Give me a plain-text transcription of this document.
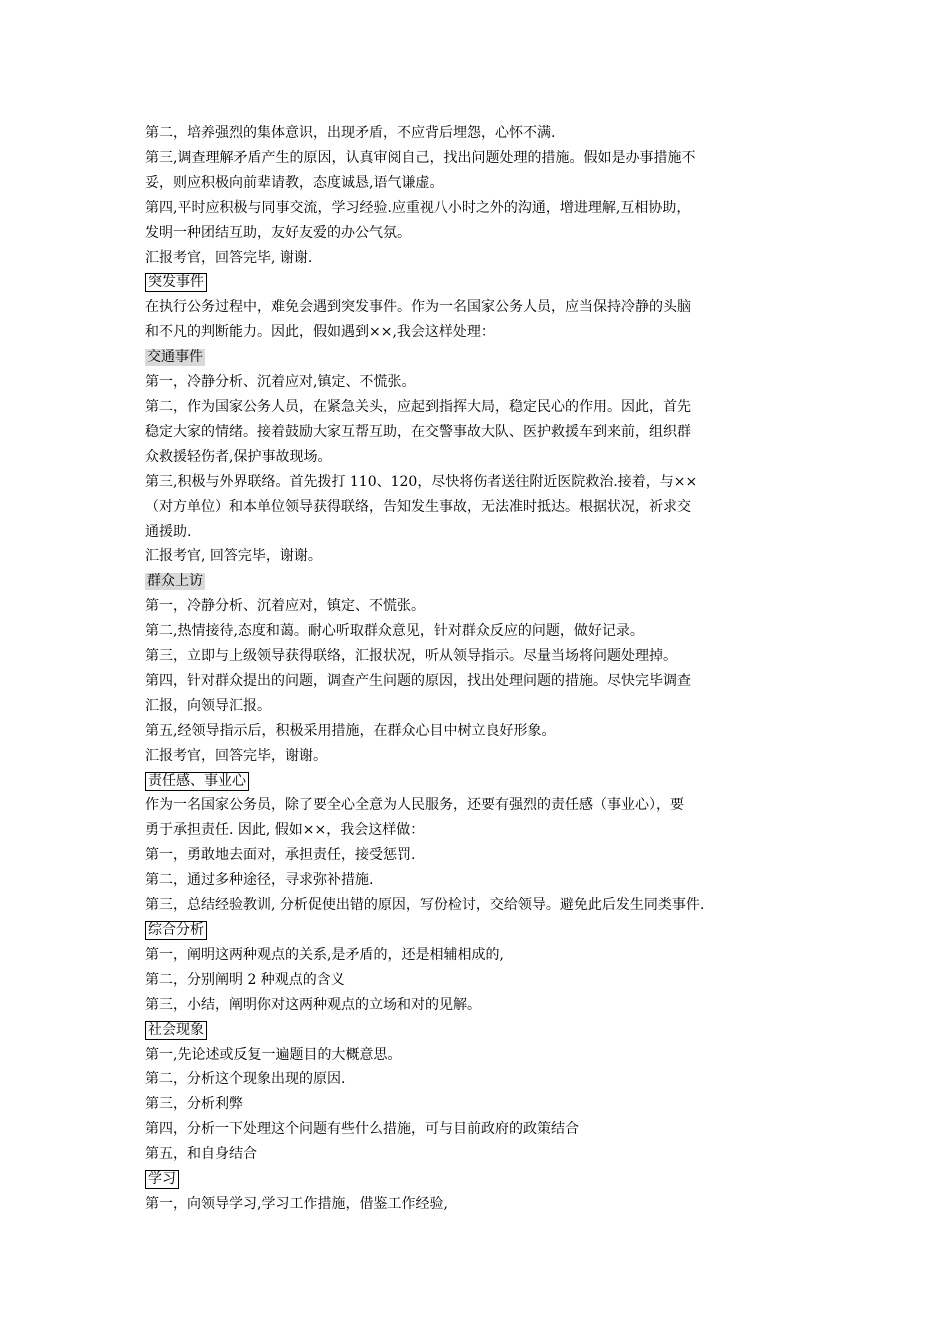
第二，培养强烈的集体意识，出现矛盾，不应背后埋怨，心怀不满.
第三,调查理解矛盾产生的原因，认真审阅自己，找出问题处理的措施。假如是办事措施不
妥，则应积极向前辈请教，态度诚恳,语气谦虚。
第四,平时应积极与同事交流，学习经验.应重视八小时之外的沟通，增进理解,互相协助，
发明一种团结互助，友好友爱的办公气氛。
汇报考官，回答完毕, 谢谢.
突发事件
在执行公务过程中，难免会遇到突发事件。作为一名国家公务人员，应当保持冷静的头脑
和不凡的判断能力。因此，假如遇到××,我会这样处理：
交通事件
第一，冷静分析、沉着应对,镇定、不慌张。
第二，作为国家公务人员，在紧急关头，应起到指挥大局，稳定民心的作用。因此，首先
稳定大家的情绪。接着鼓励大家互帮互助，在交警事故大队、医护救援车到来前，组织群
众救援轻伤者,保护事故现场。
第三,积极与外界联络。首先拨打 110、120，尽快将伤者送往附近医院救治.接着，与××
（对方单位）和本单位领导获得联络，告知发生事故，无法准时抵达。根据状况，祈求交
通援助.
汇报考官, 回答完毕，谢谢。
群众上访
第一，冷静分析、沉着应对，镇定、不慌张。
第二,热情接待,态度和蔼。耐心听取群众意见，针对群众反应的问题，做好记录。
第三，立即与上级领导获得联络，汇报状况，听从领导指示。尽量当场将问题处理掉。
第四，针对群众提出的问题，调查产生问题的原因，找出处理问题的措施。尽快完毕调查
汇报，向领导汇报。
第五,经领导指示后，积极采用措施，在群众心目中树立良好形象。
汇报考官，回答完毕，谢谢。
责任感、事业心
作为一名国家公务员，除了要全心全意为人民服务，还要有强烈的责任感（事业心），要
勇于承担责任. 因此, 假如××，我会这样做：
第一，勇敢地去面对，承担责任，接受惩罚.
第二，通过多种途径，寻求弥补措施.
第三，总结经验教训, 分析促使出错的原因，写份检讨，交给领导。避免此后发生同类事件.
综合分析
第一，阐明这两种观点的关系,是矛盾的，还是相辅相成的,
第二，分别阐明 2 种观点的含义
第三，小结，阐明你对这两种观点的立场和对的见解。
社会现象
第一,先论述或反复一遍题目的大概意思。
第二，分析这个现象出现的原因.
第三，分析利弊
第四，分析一下处理这个问题有些什么措施，可与目前政府的政策结合
第五，和自身结合
学习
第一，向领导学习,学习工作措施，借鉴工作经验,
